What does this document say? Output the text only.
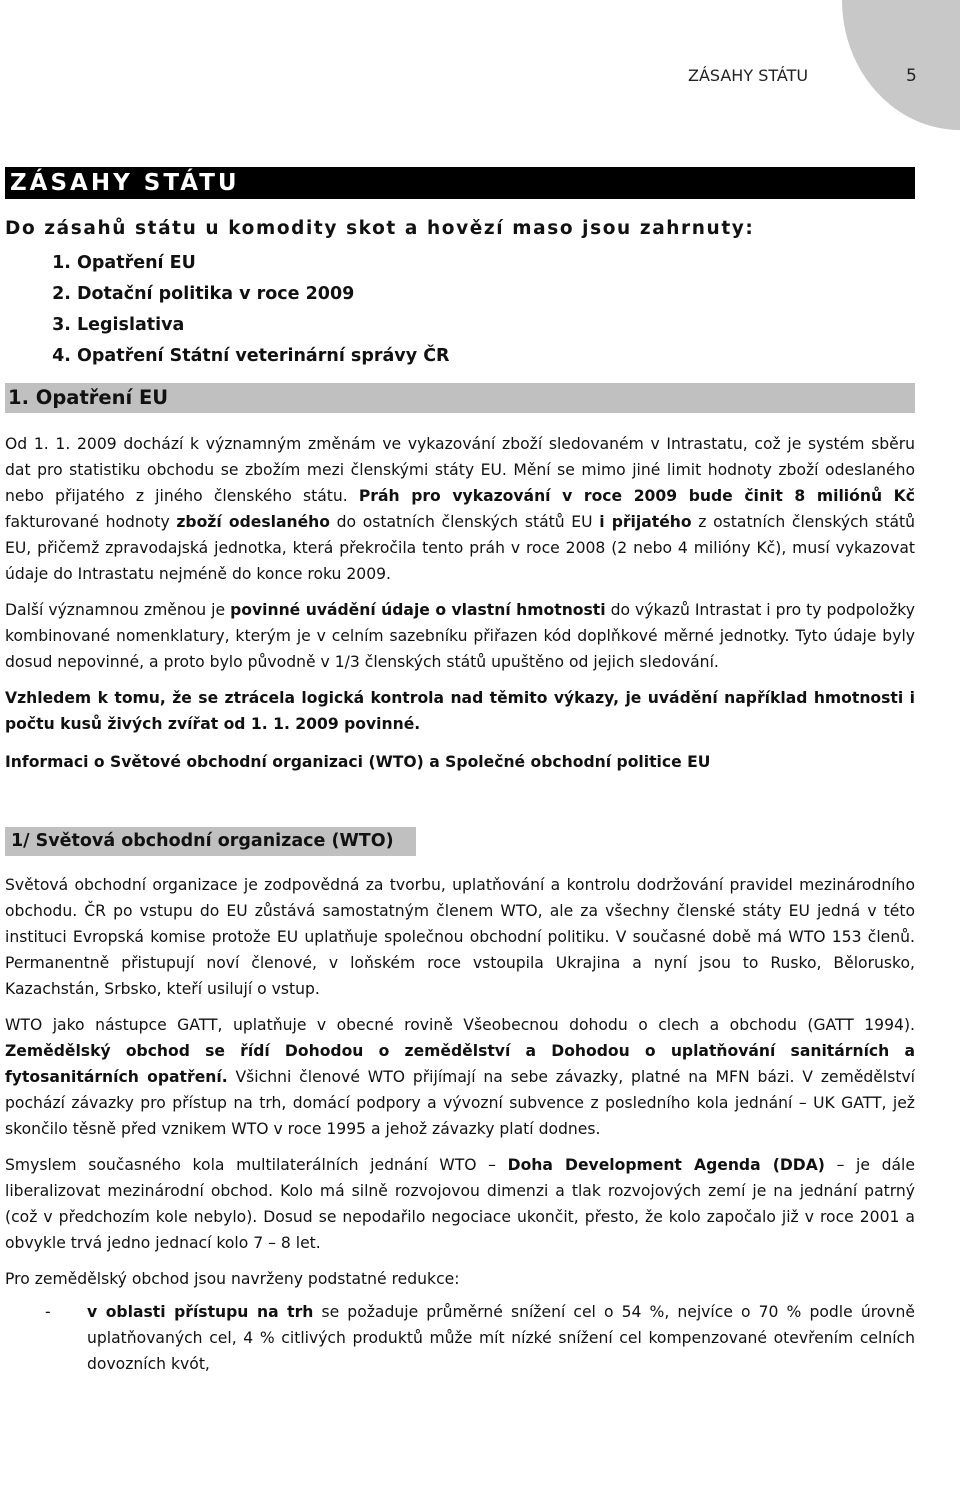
ZÁSAHY STÁTU	5
ZÁSAHY STÁTU
Do zásahů státu u komodity skot a hovězí maso jsou zahrnuty:
1. Opatření EU
2. Dotační politika v roce 2009
3. Legislativa
4. Opatření Státní veterinární správy ČR
1. Opatření EU

Od 1. 1. 2009 dochází k významným změnám ve vykazování zboží sledovaném v Intrastatu, což je systém sběru dat pro statistiku obchodu se zbožím mezi členskými státy EU. Mění se mimo jiné limit hodnoty zboží odeslaného nebo přijatého z jiného členského státu. Práh pro vykazování v roce 2009 bude činit 8 miliónů Kč fakturované hodnoty zboží odeslaného do ostatních členských států EU i přijatého z ostatních členských států EU, přičemž zpravodajská jednotka, která překročila tento práh v roce 2008 (2 nebo 4 milióny Kč), musí vykazovat údaje do Intrastatu nejméně do konce roku 2009.

Další významnou změnou je povinné uvádění údaje o vlastní hmotnosti do výkazů Intrastat i pro ty podpoložky kombinované nomenklatury, kterým je v celním sazebníku přiřazen kód doplňkové měrné jednotky. Tyto údaje byly dosud nepovinné, a proto bylo původně v 1/3 členských států upuštěno od jejich sledování.

Vzhledem k tomu, že se ztrácela logická kontrola nad těmito výkazy, je uvádění například hmotnosti i počtu kusů živých zvířat od 1. 1. 2009 povinné.

Informaci o Světové obchodní organizaci (WTO) a Společné obchodní politice EU

1/ Světová obchodní organizace (WTO)

Světová obchodní organizace je zodpovědná za tvorbu, uplatňování a kontrolu dodržování pravidel mezinárodního obchodu. ČR po vstupu do EU zůstává samostatným členem WTO, ale za všechny členské státy EU jedná v této instituci Evropská komise protože EU uplatňuje společnou obchodní politiku. V současné době má WTO 153 členů. Permanentně přistupují noví členové, v loňském roce vstoupila Ukrajina a nyní jsou to Rusko, Bělorusko, Kazachstán, Srbsko, kteří usilují o vstup.

WTO jako nástupce GATT, uplatňuje v obecné rovině Všeobecnou dohodu o clech a obchodu (GATT 1994). Zemědělský obchod se řídí Dohodou o zemědělství a Dohodou o uplatňování sanitárních a fytosanitárních opatření. Všichni členové WTO přijímají na sebe závazky, platné na MFN bázi. V zemědělství pochází závazky pro přístup na trh, domácí podpory a vývozní subvence z posledního kola jednání – UK GATT, jež skončilo těsně před vznikem WTO v roce 1995 a jehož závazky platí dodnes.

Smyslem současného kola multilaterálních jednání WTO – Doha Development Agenda (DDA) – je dále liberalizovat mezinárodní obchod. Kolo má silně rozvojovou dimenzi a tlak rozvojových zemí je na jednání patrný (což v předchozím kole nebylo). Dosud se nepodařilo negociace ukončit, přesto, že kolo započalo již v roce 2001 a obvykle trvá jedno jednací kolo 7 – 8 let.

Pro zemědělský obchod jsou navrženy podstatné redukce:

- v oblasti přístupu na trh se požaduje průměrné snížení cel o 54 %, nejvíce o 70 % podle úrovně uplatňovaných cel, 4 % citlivých produktů může mít nízké snížení cel kompenzované otevřením celních dovozních kvót,
